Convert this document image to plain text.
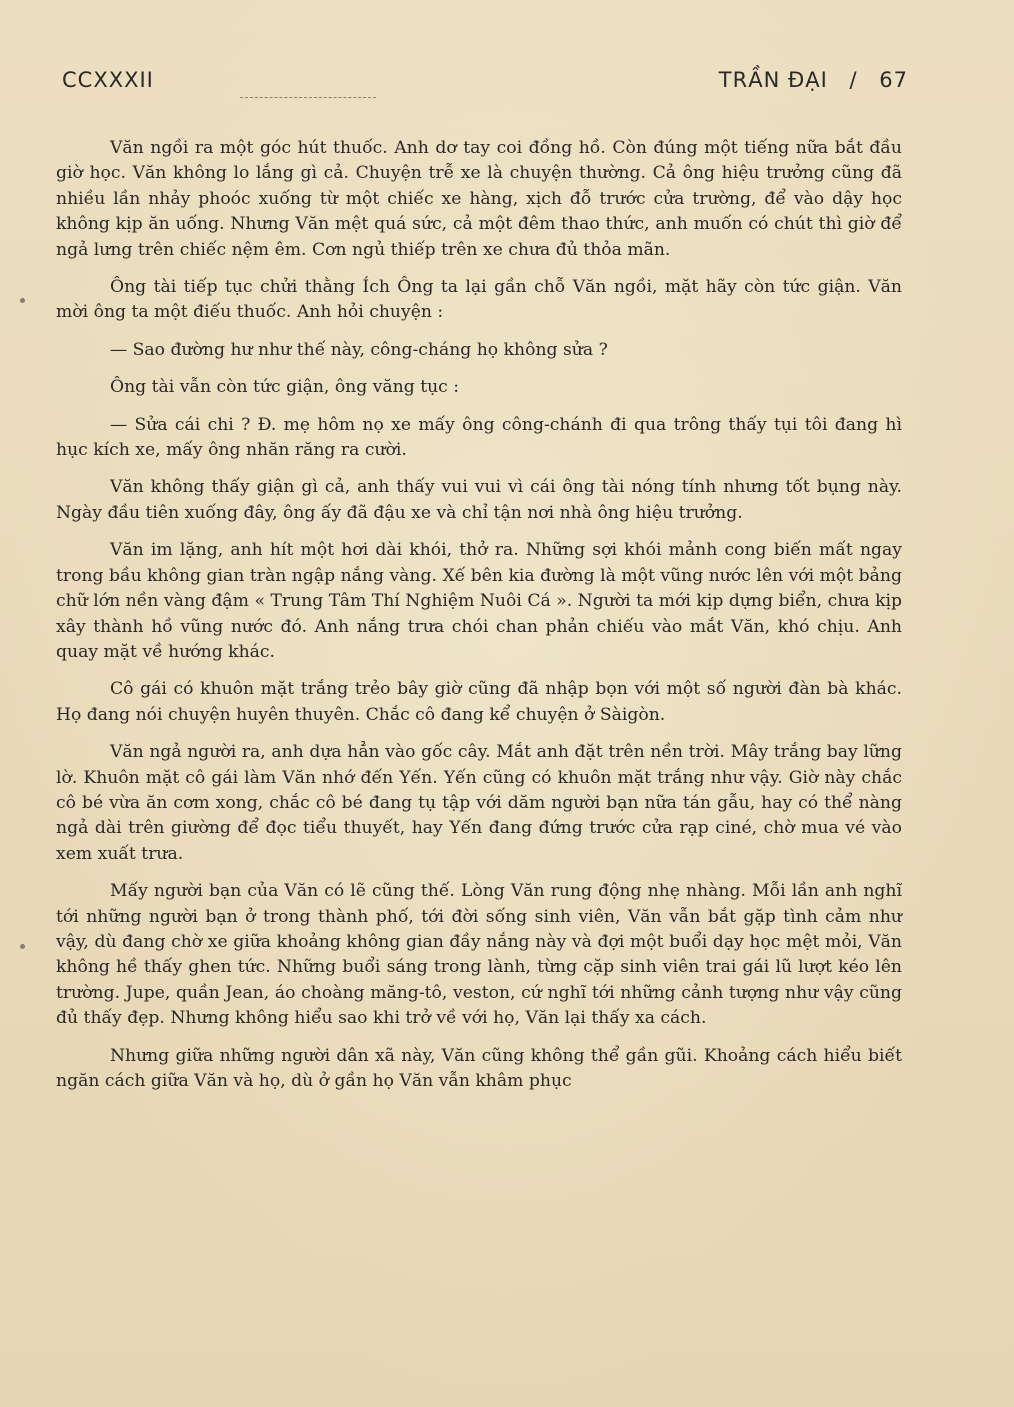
CCXXXII	TRẦN ĐẠI / 67

Văn ngồi ra một góc hút thuốc. Anh dơ tay coi đồng hồ. Còn đúng một tiếng nữa bắt đầu giờ học. Văn không lo lắng gì cả. Chuyện trễ xe là chuyện thường. Cả ông hiệu trưởng cũng đã nhiều lần nhảy phoóc xuống từ một chiếc xe hàng, xịch đỗ trước cửa trường, để vào dậy học không kịp ăn uống. Nhưng Văn mệt quá sức, cả một đêm thao thức, anh muốn có chút thì giờ để ngả lưng trên chiếc nệm êm. Cơn ngủ thiếp trên xe chưa đủ thỏa mãn.

Ông tài tiếp tục chửi thằng Ích Ông ta lại gần chỗ Văn ngồi, mặt hãy còn tức giận. Văn mời ông ta một điếu thuốc. Anh hỏi chuyện :

— Sao đường hư như thế này, công-cháng họ không sửa ?

Ông tài vẫn còn tức giận, ông văng tục :

— Sửa cái chi ? Đ. mẹ hôm nọ xe mấy ông công-chánh đi qua trông thấy tụi tôi đang hì hục kích xe, mấy ông nhăn răng ra cười.

Văn không thấy giận gì cả, anh thấy vui vui vì cái ông tài nóng tính nhưng tốt bụng này. Ngày đầu tiên xuống đây, ông ấy đã đậu xe và chỉ tận nơi nhà ông hiệu trưởng.

Văn im lặng, anh hít một hơi dài khói, thở ra. Những sợi khói mảnh cong biến mất ngay trong bầu không gian tràn ngập nắng vàng. Xế bên kia đường là một vũng nước lên với một bảng chữ lớn nền vàng đậm « Trung Tâm Thí Nghiệm Nuôi Cá ». Người ta mới kịp dựng biển, chưa kịp xây thành hồ vũng nước đó. Anh nắng trưa chói chan phản chiếu vào mắt Văn, khó chịu. Anh quay mặt về hướng khác.

Cô gái có khuôn mặt trắng trẻo bây giờ cũng đã nhập bọn với một số người đàn bà khác. Họ đang nói chuyện huyên thuyên. Chắc cô đang kể chuyện ở Sàigòn.

Văn ngả người ra, anh dựa hẳn vào gốc cây. Mắt anh đặt trên nền trời. Mây trắng bay lững lờ. Khuôn mặt cô gái làm Văn nhớ đến Yến. Yến cũng có khuôn mặt trắng như vậy. Giờ này chắc cô bé vừa ăn cơm xong, chắc cô bé đang tụ tập với dăm người bạn nữa tán gẫu, hay có thể nàng ngả dài trên giường để đọc tiểu thuyết, hay Yến đang đứng trước cửa rạp ciné, chờ mua vé vào xem xuất trưa.

Mấy người bạn của Văn có lẽ cũng thế. Lòng Văn rung động nhẹ nhàng. Mỗi lần anh nghĩ tới những người bạn ở trong thành phố, tới đời sống sinh viên, Văn vẫn bắt gặp tình cảm như vậy, dù đang chờ xe giữa khoảng không gian đầy nắng này và đợi một buổi dạy học mệt mỏi, Văn không hề thấy ghen tức. Những buổi sáng trong lành, từng cặp sinh viên trai gái lũ lượt kéo lên trường. Jupe, quần Jean, áo choàng măng-tô, veston, cứ nghĩ tới những cảnh tượng như vậy cũng đủ thấy đẹp. Nhưng không hiểu sao khi trở về với họ, Văn lại thấy xa cách.

Nhưng giữa những người dân xã này, Văn cũng không thể gần gũi. Khoảng cách hiểu biết ngăn cách giữa Văn và họ, dù ở gần họ Văn vẫn khâm phục
